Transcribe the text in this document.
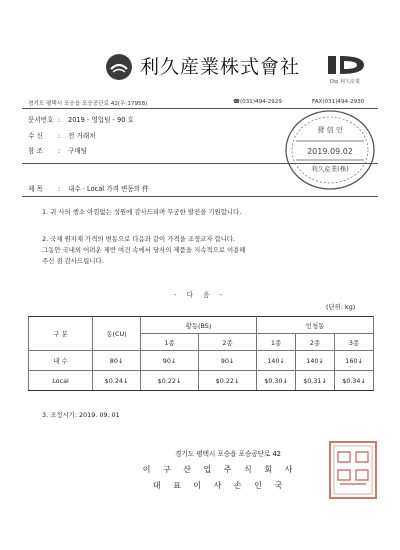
利久産業株式會社
Dip 利久産業
경기도 평택시 포승읍 포승공단로 42(우:17958)	☎(031)494-2929	FAX(031)494-2930
문서번호 : 2019 - 영업팀 - 90 호
수 신 : 전 거래처
참 조 : 구매팀
發 信 인
2019.09.02
利久産業(株)
제 목 : 내수 · Local 가격 변동의 件
1. 귀 사의 행소 아낌없는 성원에 감사드리며 무궁한 발전을 기원합니다.
2. 국제 원자재 가격의 변동으로 다음과 같이 가격을 조정코자 합니다.
그동안 국내외 어려운 제반 여건 속에서 당사의 제품을 지속적으로 이용해
주신 점 감사드립니다.
- 다 음 -
(단위: kg)
구 분	동(CU)	황동(BS)		인청동		
		1종	2종	1종	2종	3종
내 수	80↓	90↓	90↓	140↓	140↓	160↓
Local	$0.24↓	$0.22↓	$0.22↓	$0.30↓	$0.31↓	$0.34↓
3. 조정시기: 2019. 09. 01
경기도 평택시 포승읍 포승공단로 42
이 구 산 업 주 식 회 사
대 표 이 사 손 인 국
